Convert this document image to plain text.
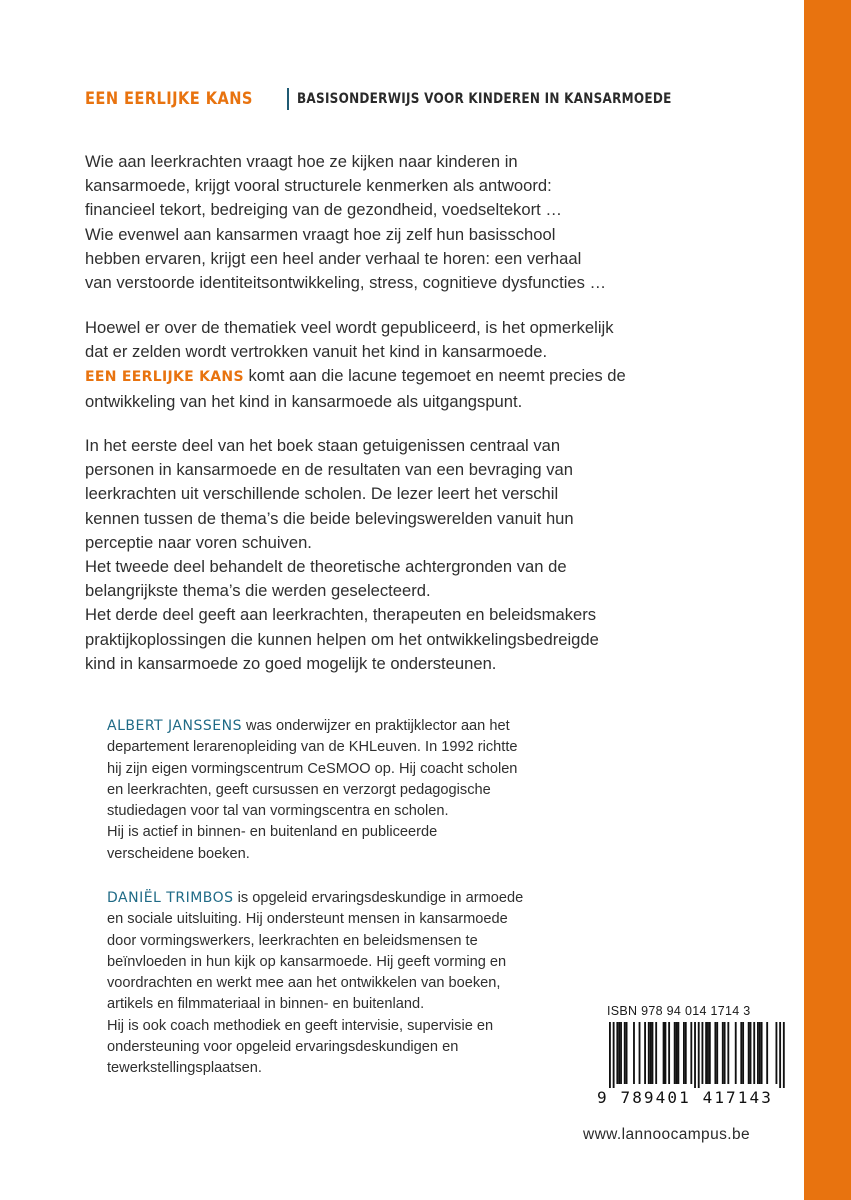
EEN EERLIJKE KANS	BASISONDERWIJS VOOR KINDEREN IN KANSARMOEDE

Wie aan leerkrachten vraagt hoe ze kijken naar kinderen in

kansarmoede, krijgt vooral structurele kenmerken als antwoord:

financieel tekort, bedreiging van de gezondheid, voedseltekort …

Wie evenwel aan kansarmen vraagt hoe zij zelf hun basisschool

hebben ervaren, krijgt een heel ander verhaal te horen: een verhaal

van verstoorde identiteitsontwikkeling, stress, cognitieve dysfuncties …

Hoewel er over de thematiek veel wordt gepubliceerd, is het opmerkelijk

dat er zelden wordt vertrokken vanuit het kind in kansarmoede.

EEN EERLIJKE KANS komt aan die lacune tegemoet en neemt precies de

ontwikkeling van het kind in kansarmoede als uitgangspunt.

In het eerste deel van het boek staan getuigenissen centraal van

personen in kansarmoede en de resultaten van een bevraging van

leerkrachten uit verschillende scholen. De lezer leert het verschil

kennen tussen de thema’s die beide belevingswerelden vanuit hun

perceptie naar voren schuiven.

Het tweede deel behandelt de theoretische achtergronden van de

belangrijkste thema’s die werden geselecteerd.

Het derde deel geeft aan leerkrachten, therapeuten en beleidsmakers

praktijkoplossingen die kunnen helpen om het ontwikkelingsbedreigde

kind in kansarmoede zo goed mogelijk te ondersteunen.

ALBERT JANSSENS was onderwijzer en praktijklector aan het

departement lerarenopleiding van de KHLeuven. In 1992 richtte

hij zijn eigen vormingscentrum CeSMOO op. Hij coacht scholen

en leerkrachten, geeft cursussen en verzorgt pedagogische

studiedagen voor tal van vormingscentra en scholen.

Hij is actief in binnen- en buitenland en publiceerde

verscheidene boeken.

DANIËL TRIMBOS is opgeleid ervaringsdeskundige in armoede

en sociale uitsluiting. Hij ondersteunt mensen in kansarmoede

door vormingswerkers, leerkrachten en beleidsmensen te

beïnvloeden in hun kijk op kansarmoede. Hij geeft vorming en

voordrachten en werkt mee aan het ontwikkelen van boeken,

artikels en filmmateriaal in binnen- en buitenland.

Hij is ook coach methodiek en geeft intervisie, supervisie en

ondersteuning voor opgeleid ervaringsdeskundigen en

tewerkstellingsplaatsen.

ISBN 978 94 014 1714 3
9 789401 417143
www.lannoocampus.be
